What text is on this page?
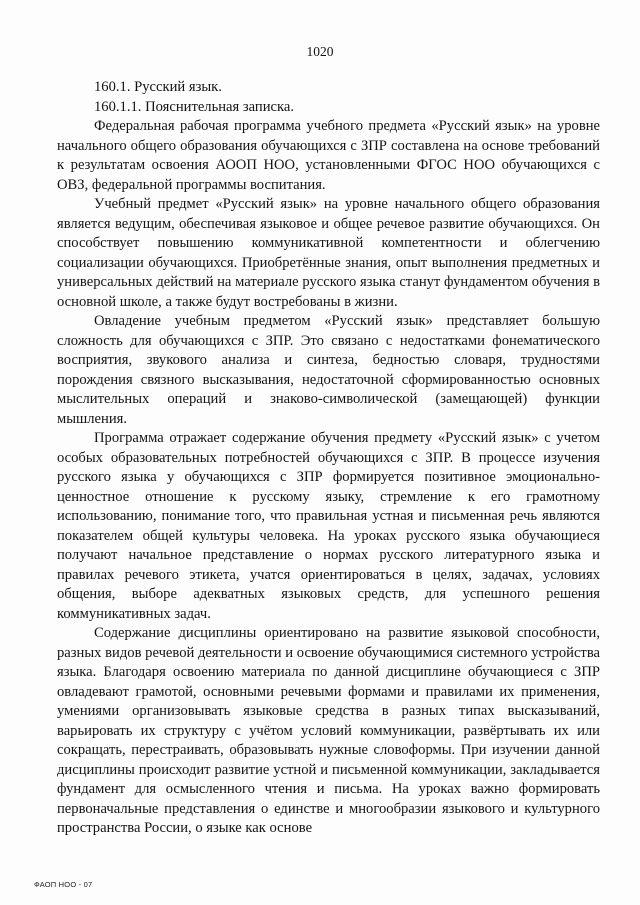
1020

160.1. Русский язык.

160.1.1. Пояснительная записка.

Федеральная рабочая программа учебного предмета «Русский язык» на уровне начального общего образования обучающихся с ЗПР составлена на основе требований к результатам освоения АООП НОО, установленными ФГОС НОО обучающихся с ОВЗ, федеральной программы воспитания.

Учебный предмет «Русский язык» на уровне начального общего образования является ведущим, обеспечивая языковое и общее речевое развитие обучающихся. Он способствует повышению коммуникативной компетентности и облегчению социализации обучающихся. Приобретённые знания, опыт выполнения предметных и универсальных действий на материале русского языка станут фундаментом обучения в основной школе, а также будут востребованы в жизни.

Овладение учебным предметом «Русский язык» представляет большую сложность для обучающихся с ЗПР. Это связано с недостатками фонематического восприятия, звукового анализа и синтеза, бедностью словаря, трудностями порождения связного высказывания, недостаточной сформированностью основных мыслительных операций и знаково-символической (замещающей) функции мышления.

Программа отражает содержание обучения предмету «Русский язык» с учетом особых образовательных потребностей обучающихся с ЗПР. В процессе изучения русского языка у обучающихся с ЗПР формируется позитивное эмоционально-ценностное отношение к русскому языку, стремление к его грамотному использованию, понимание того, что правильная устная и письменная речь являются показателем общей культуры человека. На уроках русского языка обучающиеся получают начальное представление о нормах русского литературного языка и правилах речевого этикета, учатся ориентироваться в целях, задачах, условиях общения, выборе адекватных языковых средств, для успешного решения коммуникативных задач.

Содержание дисциплины ориентировано на развитие языковой способности, разных видов речевой деятельности и освоение обучающимися системного устройства языка. Благодаря освоению материала по данной дисциплине обучающиеся с ЗПР овладевают грамотой, основными речевыми формами и правилами их применения, умениями организовывать языковые средства в разных типах высказываний, варьировать их структуру с учётом условий коммуникации, развёртывать их или сокращать, перестраивать, образовывать нужные словоформы. При изучении данной дисциплины происходит развитие устной и письменной коммуникации, закладывается фундамент для осмысленного чтения и письма. На уроках важно формировать первоначальные представления о единстве и многообразии языкового и культурного пространства России, о языке как основе

ФАОП НОО - 07
